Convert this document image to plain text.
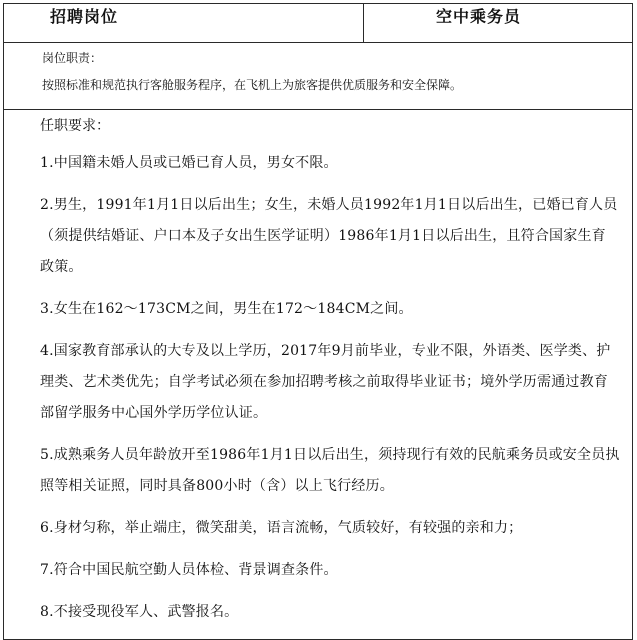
招聘岗位	空中乘务员

岗位职责：

按照标准和规范执行客舱服务程序，在飞机上为旅客提供优质服务和安全保障。

任职要求：

1.中国籍未婚人员或已婚已育人员，男女不限。

2.男生，1991年1月1日以后出生；女生，未婚人员1992年1月1日以后出生，已婚已育人员（须提供结婚证、户口本及子女出生医学证明）1986年1月1日以后出生，且符合国家生育政策。

3.女生在162～173CM之间，男生在172～184CM之间。

4.国家教育部承认的大专及以上学历，2017年9月前毕业，专业不限，外语类、医学类、护理类、艺术类优先；自学考试必须在参加招聘考核之前取得毕业证书；境外学历需通过教育部留学服务中心国外学历学位认证。

5.成熟乘务人员年龄放开至1986年1月1日以后出生，须持现行有效的民航乘务员或安全员执照等相关证照，同时具备800小时（含）以上飞行经历。

6.身材匀称，举止端庄，微笑甜美，语言流畅，气质较好，有较强的亲和力；

7.符合中国民航空勤人员体检、背景调查条件。

8.不接受现役军人、武警报名。
